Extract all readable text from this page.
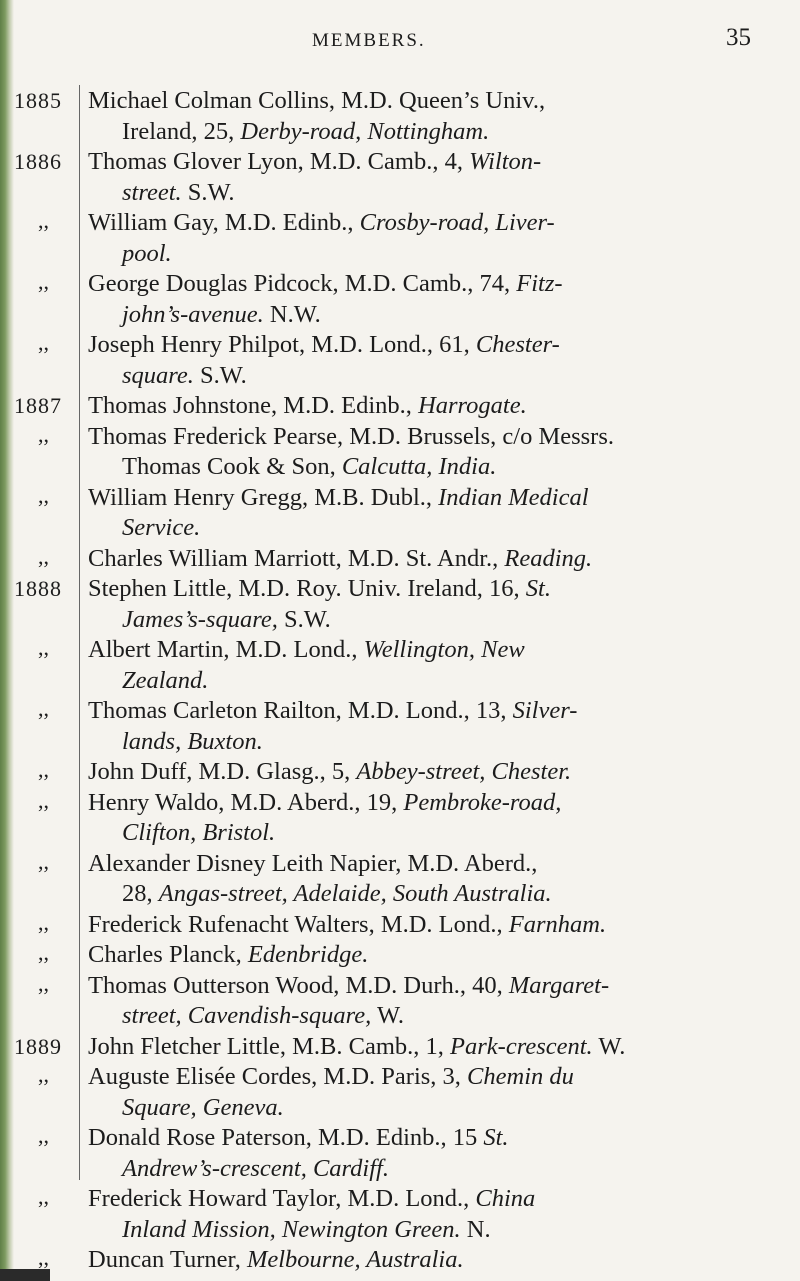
MEMBERS.	35
1885 Michael Colman Collins, M.D. Queen’s Univ.,
Ireland, 25, Derby-road, Nottingham.
1886 Thomas Glover Lyon, M.D. Camb., 4, Wilton-
street. S.W.
,, William Gay, M.D. Edinb., Crosby-road, Liver-
pool.
,, George Douglas Pidcock, M.D. Camb., 74, Fitz-
john’s-avenue. N.W.
,, Joseph Henry Philpot, M.D. Lond., 61, Chester-
square. S.W.
1887 Thomas Johnstone, M.D. Edinb., Harrogate.
,, Thomas Frederick Pearse, M.D. Brussels, c/o Messrs.
Thomas Cook & Son, Calcutta, India.
,, William Henry Gregg, M.B. Dubl., Indian Medical
Service.
,, Charles William Marriott, M.D. St. Andr., Reading.
1888 Stephen Little, M.D. Roy. Univ. Ireland, 16, St.
James’s-square, S.W.
,, Albert Martin, M.D. Lond., Wellington, New
Zealand.
,, Thomas Carleton Railton, M.D. Lond., 13, Silver-
lands, Buxton.
,, John Duff, M.D. Glasg., 5, Abbey-street, Chester.
,, Henry Waldo, M.D. Aberd., 19, Pembroke-road,
Clifton, Bristol.
,, Alexander Disney Leith Napier, M.D. Aberd.,
28, Angas-street, Adelaide, South Australia.
,, Frederick Rufenacht Walters, M.D. Lond., Farnham.
,, Charles Planck, Edenbridge.
,, Thomas Outterson Wood, M.D. Durh., 40, Margaret-
street, Cavendish-square, W.
1889 John Fletcher Little, M.B. Camb., 1, Park-crescent. W.
,, Auguste Elisée Cordes, M.D. Paris, 3, Chemin du
Square, Geneva.
,, Donald Rose Paterson, M.D. Edinb., 15 St.
Andrew’s-crescent, Cardiff.
,, Frederick Howard Taylor, M.D. Lond., China
Inland Mission, Newington Green. N.
,, Duncan Turner, Melbourne, Australia.
